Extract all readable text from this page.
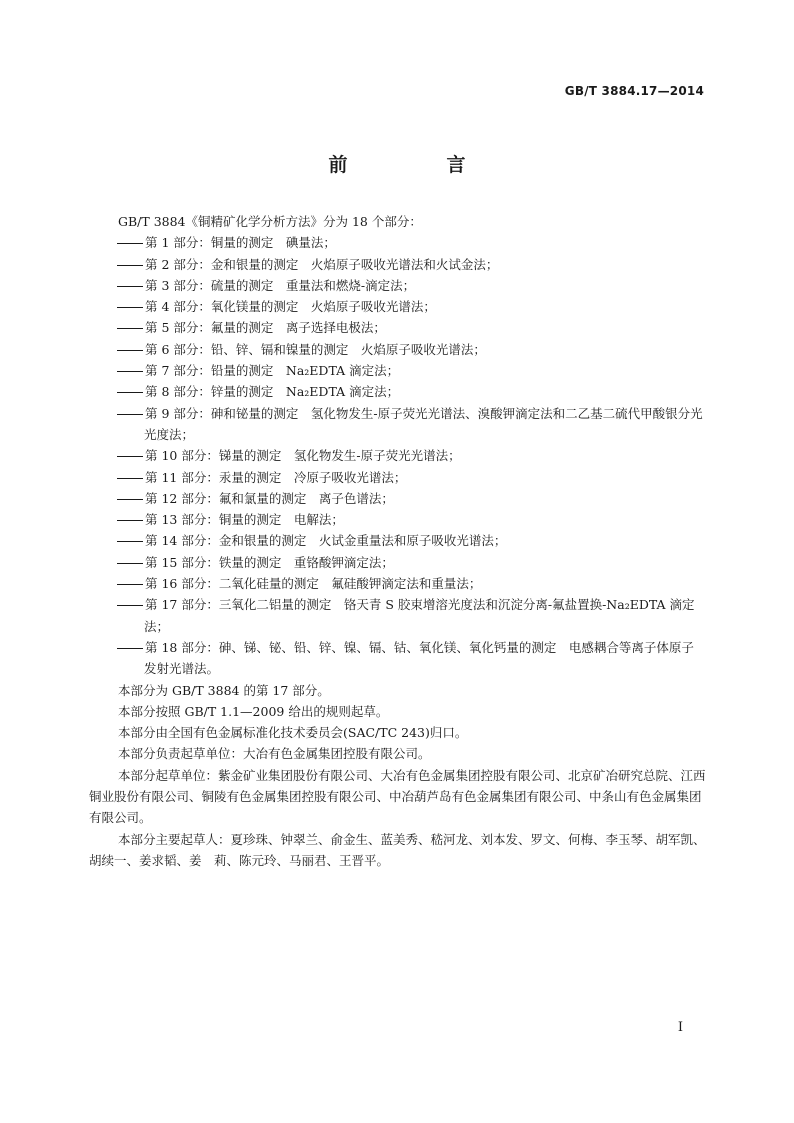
GB/T 3884.17—2014
前　言

GB/T 3884《铜精矿化学分析方法》分为 18 个部分：

第 1 部分：铜量的测定　碘量法；

第 2 部分：金和银量的测定　火焰原子吸收光谱法和火试金法；

第 3 部分：硫量的测定　重量法和燃烧-滴定法；

第 4 部分：氧化镁量的测定　火焰原子吸收光谱法；

第 5 部分：氟量的测定　离子选择电极法；

第 6 部分：铅、锌、镉和镍量的测定　火焰原子吸收光谱法；

第 7 部分：铅量的测定　Na₂EDTA 滴定法；

第 8 部分：锌量的测定　Na₂EDTA 滴定法；

第 9 部分：砷和铋量的测定　氢化物发生-原子荧光光谱法、溴酸钾滴定法和二乙基二硫代甲酸银分光光度法；

第 10 部分：锑量的测定　氢化物发生-原子荧光光谱法；

第 11 部分：汞量的测定　冷原子吸收光谱法；

第 12 部分：氟和氯量的测定　离子色谱法；

第 13 部分：铜量的测定　电解法；

第 14 部分：金和银量的测定　火试金重量法和原子吸收光谱法；

第 15 部分：铁量的测定　重铬酸钾滴定法；

第 16 部分：二氧化硅量的测定　氟硅酸钾滴定法和重量法；

第 17 部分：三氧化二铝量的测定　铬天青 S 胶束增溶光度法和沉淀分离-氟盐置换-Na₂EDTA 滴定法；

第 18 部分：砷、锑、铋、铅、锌、镍、镉、钴、氧化镁、氧化钙量的测定　电感耦合等离子体原子发射光谱法。

本部分为 GB/T 3884 的第 17 部分。

本部分按照 GB/T 1.1—2009 给出的规则起草。

本部分由全国有色金属标准化技术委员会(SAC/TC 243)归口。

本部分负责起草单位：大冶有色金属集团控股有限公司。

本部分起草单位：紫金矿业集团股份有限公司、大冶有色金属集团控股有限公司、北京矿冶研究总院、江西铜业股份有限公司、铜陵有色金属集团控股有限公司、中冶葫芦岛有色金属集团有限公司、中条山有色金属集团有限公司。

本部分主要起草人：夏珍珠、钟翠兰、俞金生、蓝美秀、嵇河龙、刘本发、罗文、何梅、李玉琴、胡军凯、胡续一、姜求韬、姜　莉、陈元玲、马丽君、王晋平。

I
